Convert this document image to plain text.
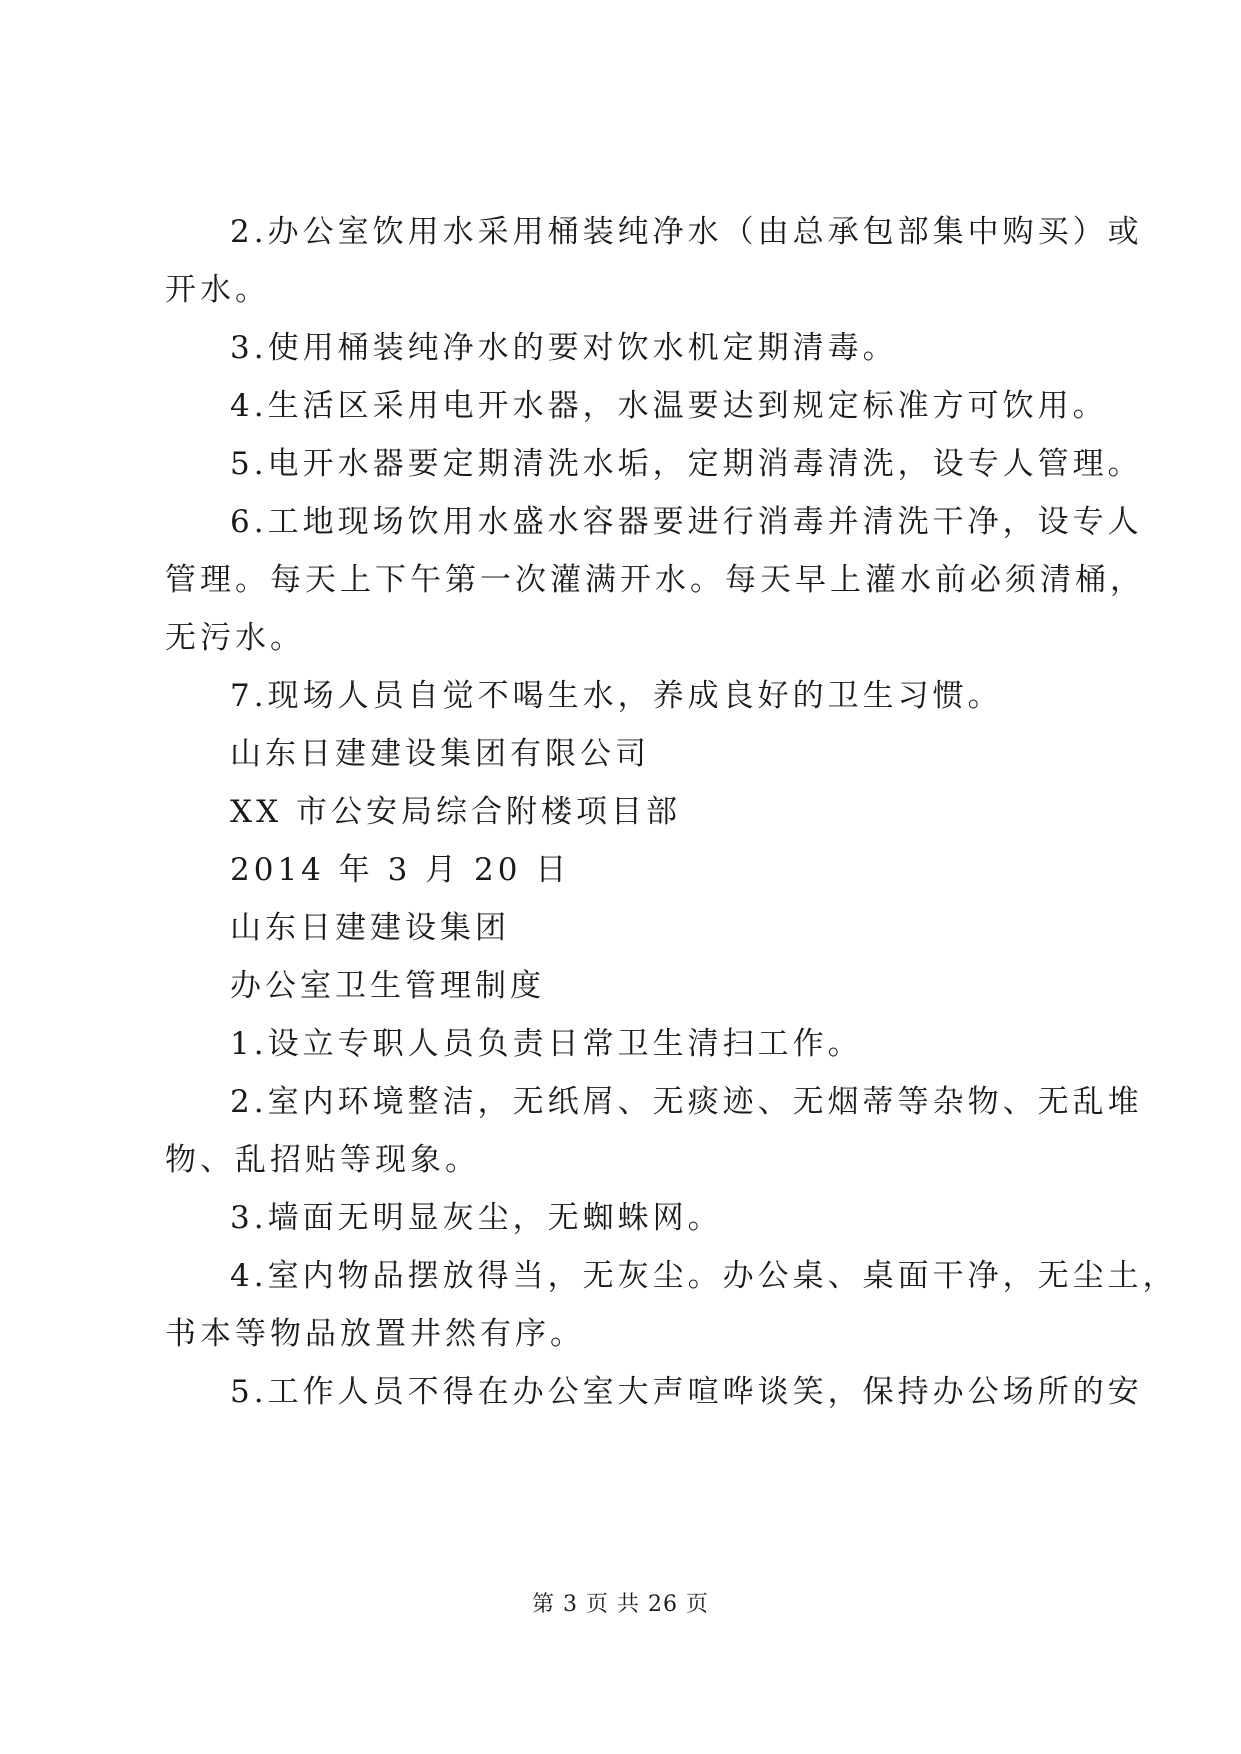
2.办公室饮用水采用桶装纯净水（由总承包部集中购买）或
开水。
3.使用桶装纯净水的要对饮水机定期清毒。
4.生活区采用电开水器，水温要达到规定标准方可饮用。
5.电开水器要定期清洗水垢，定期消毒清洗，设专人管理。
6.工地现场饮用水盛水容器要进行消毒并清洗干净，设专人
管理。每天上下午第一次灌满开水。每天早上灌水前必须清桶，
无污水。
7.现场人员自觉不喝生水，养成良好的卫生习惯。
山东日建建设集团有限公司
XX 市公安局综合附楼项目部
2014 年 3 月 20 日
山东日建建设集团
办公室卫生管理制度
1.设立专职人员负责日常卫生清扫工作。
2.室内环境整洁，无纸屑、无痰迹、无烟蒂等杂物、无乱堆
物、乱招贴等现象。
3.墙面无明显灰尘，无蜘蛛网。
4.室内物品摆放得当，无灰尘。办公桌、桌面干净，无尘土，
书本等物品放置井然有序。
5.工作人员不得在办公室大声喧哗谈笑，保持办公场所的安
第 3 页 共 26 页
